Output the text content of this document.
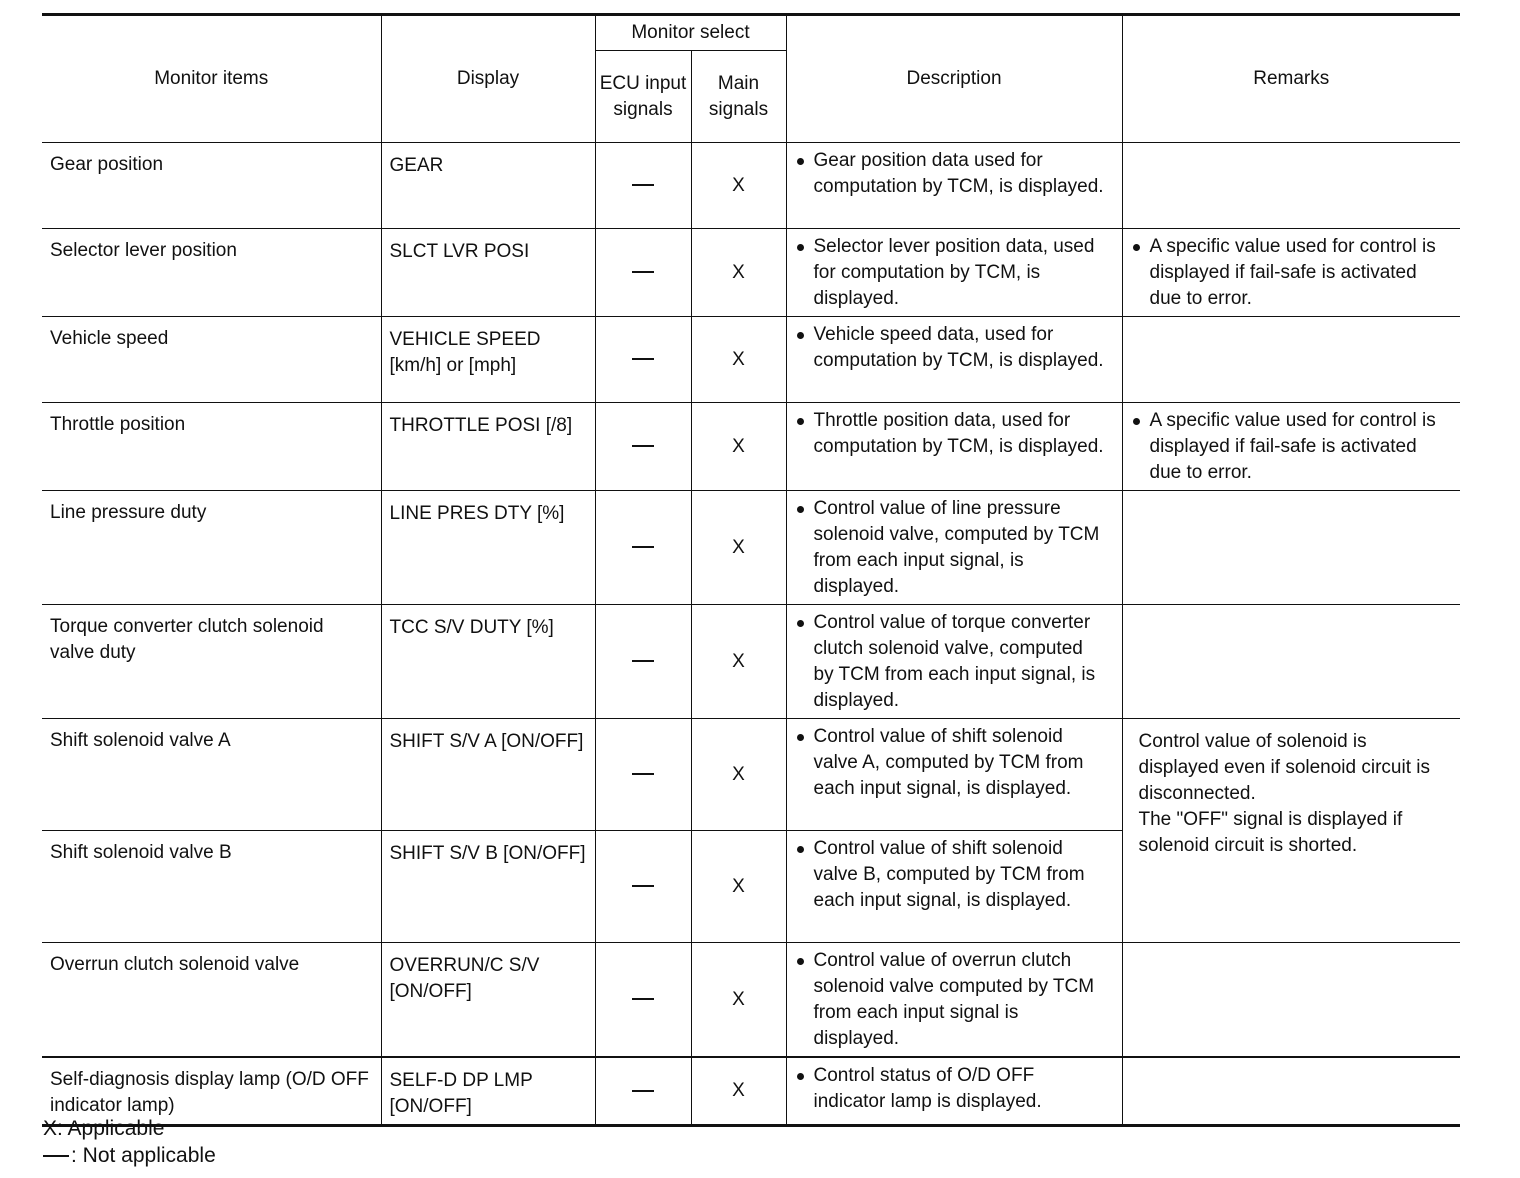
Monitor items	Display	Monitor select		Description	Remarks
		ECU input signals	Main signals		
Gear position	GEAR		X	Gear position data used for computation by TCM, is displayed.	

Selector lever position	SLCT LVR POSI		X	Selector lever position data, used for computation by TCM, is displayed.	A specific value used for control is displayed if fail-safe is activated due to error.

Vehicle speed	VEHICLE SPEED [km/h] or [mph]		X	Vehicle speed data, used for computation by TCM, is displayed.	

Throttle position	THROTTLE POSI [/8]		X	Throttle position data, used for computation by TCM, is displayed.	A specific value used for control is displayed if fail-safe is activated due to error.

Line pressure duty	LINE PRES DTY [%]		X	Control value of line pressure solenoid valve, computed by TCM from each input signal, is displayed.	

Torque converter clutch solenoid valve duty	TCC S/V DUTY [%]		X	Control value of torque converter clutch solenoid valve, computed by TCM from each input signal, is displayed.	

Shift solenoid valve A	SHIFT S/V A [ON/OFF]		X	Control value of shift solenoid valve A, computed by TCM from each input signal, is displayed.	Control value of solenoid is displayed even if solenoid circuit is disconnected.

The "OFF" signal is displayed if solenoid circuit is shorted.

Shift solenoid valve B	SHIFT S/V B [ON/OFF]		X	Control value of shift solenoid valve B, computed by TCM from each input signal, is displayed.	

Overrun clutch solenoid valve	OVERRUN/C S/V [ON/OFF]		X	Control value of overrun clutch solenoid valve computed by TCM from each input signal is displayed.	

Self-diagnosis display lamp (O/D OFF indicator lamp)	SELF-D DP LMP [ON/OFF]		X	Control status of O/D OFF indicator lamp is displayed.	

X: Applicable
: Not applicable
